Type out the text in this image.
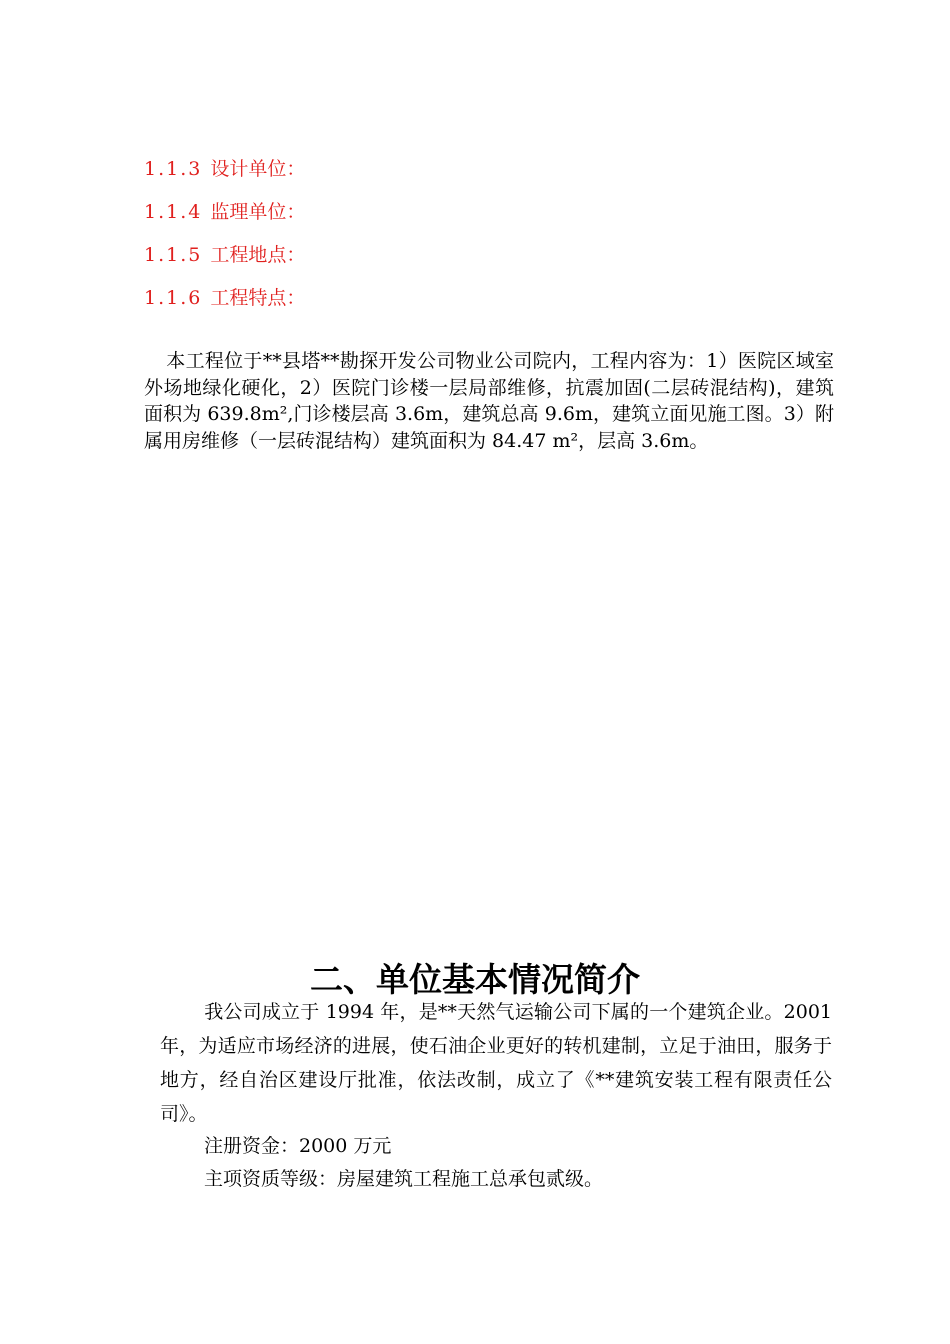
1.1.3 设计单位：
1.1.4 监理单位：
1.1.5 工程地点：
1.1.6 工程特点：
本工程位于**县塔**勘探开发公司物业公司院内，工程内容为：1）医院区域室外场地绿化硬化，2）医院门诊楼一层局部维修，抗震加固(二层砖混结构)，建筑面积为 639.8m²,门诊楼层高 3.6m，建筑总高 9.6m，建筑立面见施工图。3）附属用房维修（一层砖混结构）建筑面积为 84.47 m²，层高 3.6m。
二、单位基本情况简介
我公司成立于 1994 年，是**天然气运输公司下属的一个建筑企业。2001 年，为适应市场经济的进展，使石油企业更好的转机建制，立足于油田，服务于地方，经自治区建设厅批准，依法改制，成立了《**建筑安装工程有限责任公司》。
注册资金：2000 万元
主项资质等级：房屋建筑工程施工总承包贰级。
